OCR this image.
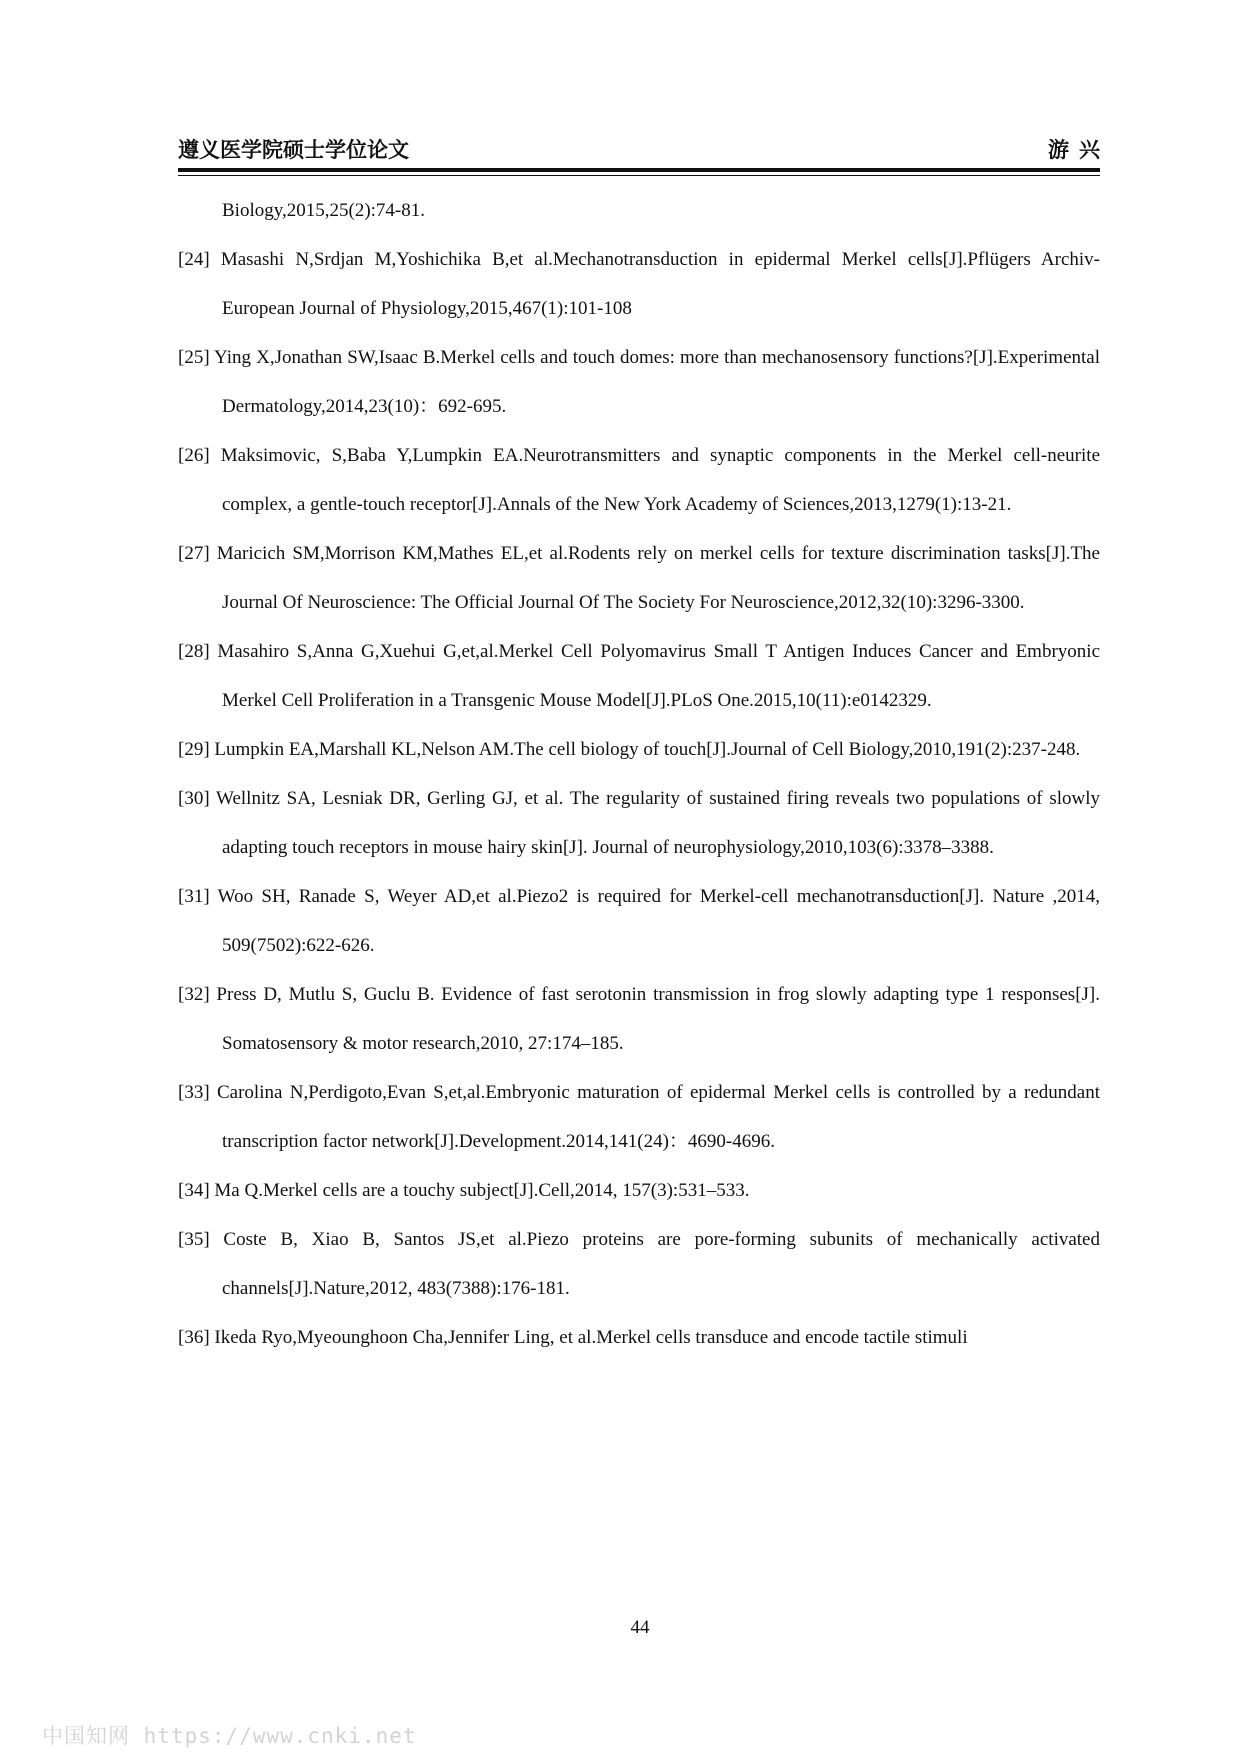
遵义医学院硕士学位论文	游兴
Biology,2015,25(2):74-81.
[24] Masashi N,Srdjan M,Yoshichika B,et al.Mechanotransduction in epidermal Merkel cells[J].Pflügers Archiv-European Journal of Physiology,2015,467(1):101-108
[25] Ying X,Jonathan SW,Isaac B.Merkel cells and touch domes: more than mechanosensory functions?[J].Experimental Dermatology,2014,23(10)：692-695.
[26] Maksimovic, S,Baba Y,Lumpkin EA.Neurotransmitters and synaptic components in the Merkel cell-neurite complex, a gentle-touch receptor[J].Annals of the New York Academy of Sciences,2013,1279(1):13-21.
[27] Maricich SM,Morrison KM,Mathes EL,et al.Rodents rely on merkel cells for texture discrimination tasks[J].The Journal Of Neuroscience: The Official Journal Of The Society For Neuroscience,2012,32(10):3296-3300.
[28] Masahiro S,Anna G,Xuehui G,et,al.Merkel Cell Polyomavirus Small T Antigen Induces Cancer and Embryonic Merkel Cell Proliferation in a Transgenic Mouse Model[J].PLoS One.2015,10(11):e0142329.
[29] Lumpkin EA,Marshall KL,Nelson AM.The cell biology of touch[J].Journal of Cell Biology,2010,191(2):237-248.
[30] Wellnitz SA, Lesniak DR, Gerling GJ, et al. The regularity of sustained firing reveals two populations of slowly adapting touch receptors in mouse hairy skin[J]. Journal of neurophysiology,2010,103(6):3378–3388.
[31] Woo SH, Ranade S, Weyer AD,et al.Piezo2 is required for Merkel-cell mechanotransduction[J]. Nature ,2014, 509(7502):622-626.
[32] Press D, Mutlu S, Guclu B. Evidence of fast serotonin transmission in frog slowly adapting type 1 responses[J]. Somatosensory & motor research,2010, 27:174–185.
[33] Carolina N,Perdigoto,Evan S,et,al.Embryonic maturation of epidermal Merkel cells is controlled by a redundant transcription factor network[J].Development.2014,141(24)：4690-4696.
[34] Ma Q.Merkel cells are a touchy subject[J].Cell,2014, 157(3):531–533.
[35] Coste B, Xiao B, Santos JS,et al.Piezo proteins are pore-forming subunits of mechanically activated channels[J].Nature,2012, 483(7388):176-181.
[36] Ikeda Ryo,Myeounghoon Cha,Jennifer Ling, et al.Merkel cells transduce and encode tactile stimuli
44
中国知网 https://www.cnki.net
